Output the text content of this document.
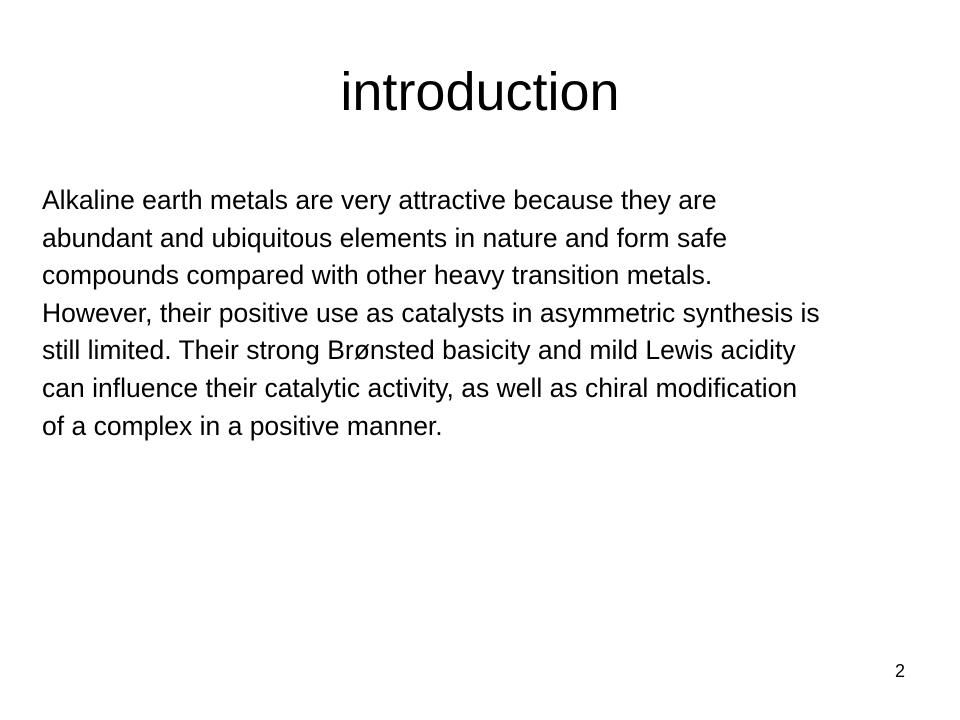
introduction
Alkaline earth metals are very attractive because they are
abundant and ubiquitous elements in nature and form safe
compounds compared with other heavy transition metals.
However, their positive use as catalysts in asymmetric synthesis is
still limited. Their strong Brønsted basicity and mild Lewis acidity
can influence their catalytic activity, as well as chiral modification
of a complex in a positive manner.
2
